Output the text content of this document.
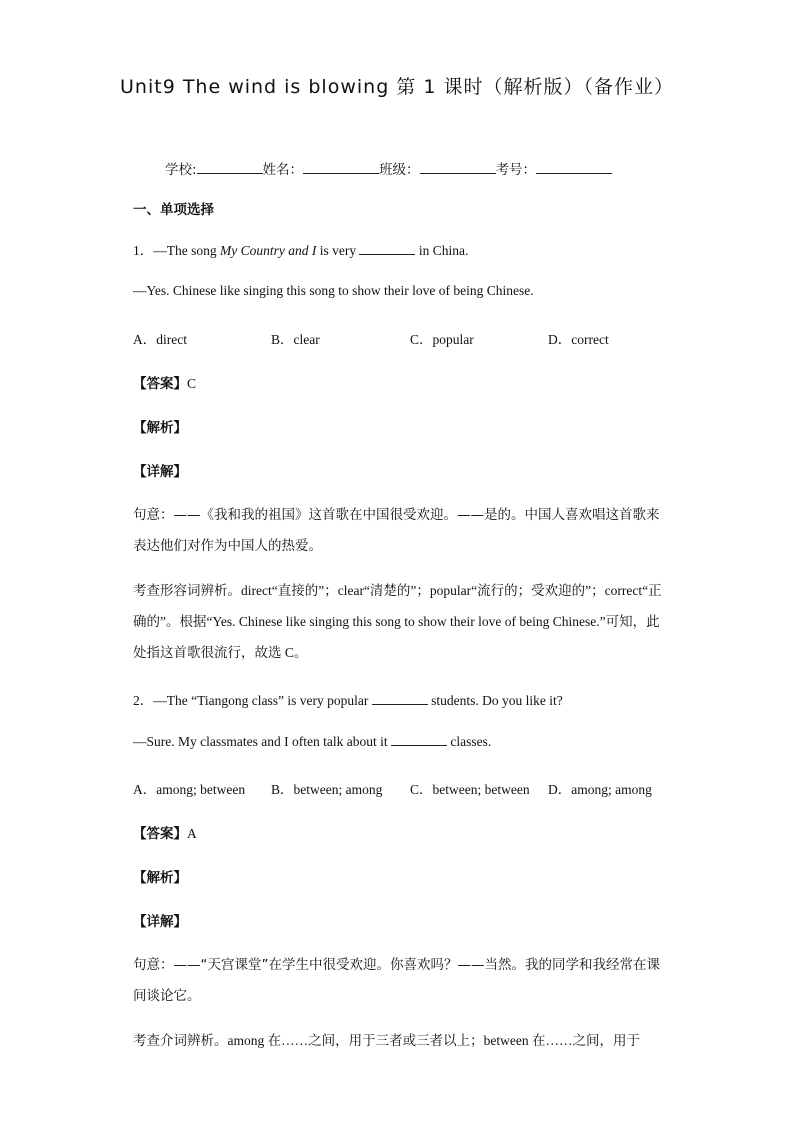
Unit9 The wind is blowing 第 1 课时（解析版）（备作业）
学校:	姓名：	班级：	考号：
一、单项选择
1．—The song My Country and I is very	in China.
—Yes. Chinese like singing this song to show their love of being Chinese.
A．direct	B．clear	C．popular	D．correct
【答案】C
【解析】
【详解】
句意：——《我和我的祖国》这首歌在中国很受欢迎。——是的。中国人喜欢唱这首歌来表达他们对作为中国人的热爱。
考查形容词辨析。direct“直接的”；clear“清楚的”；popular“流行的；受欢迎的”；correct“正确的”。根据“Yes. Chinese like singing this song to show their love of being Chinese.”可知，此处指这首歌很流行，故选 C。
2．—The “Tiangong class” is very popular	students. Do you like it?
—Sure. My classmates and I often talk about it	classes.
A．among; between B．between; among C．between; between D．among; among
【答案】A
【解析】
【详解】
句意：——“天宫课堂”在学生中很受欢迎。你喜欢吗？——当然。我的同学和我经常在课间谈论它。
考查介词辨析。among 在……之间，用于三者或三者以上；between 在……之间，用于
